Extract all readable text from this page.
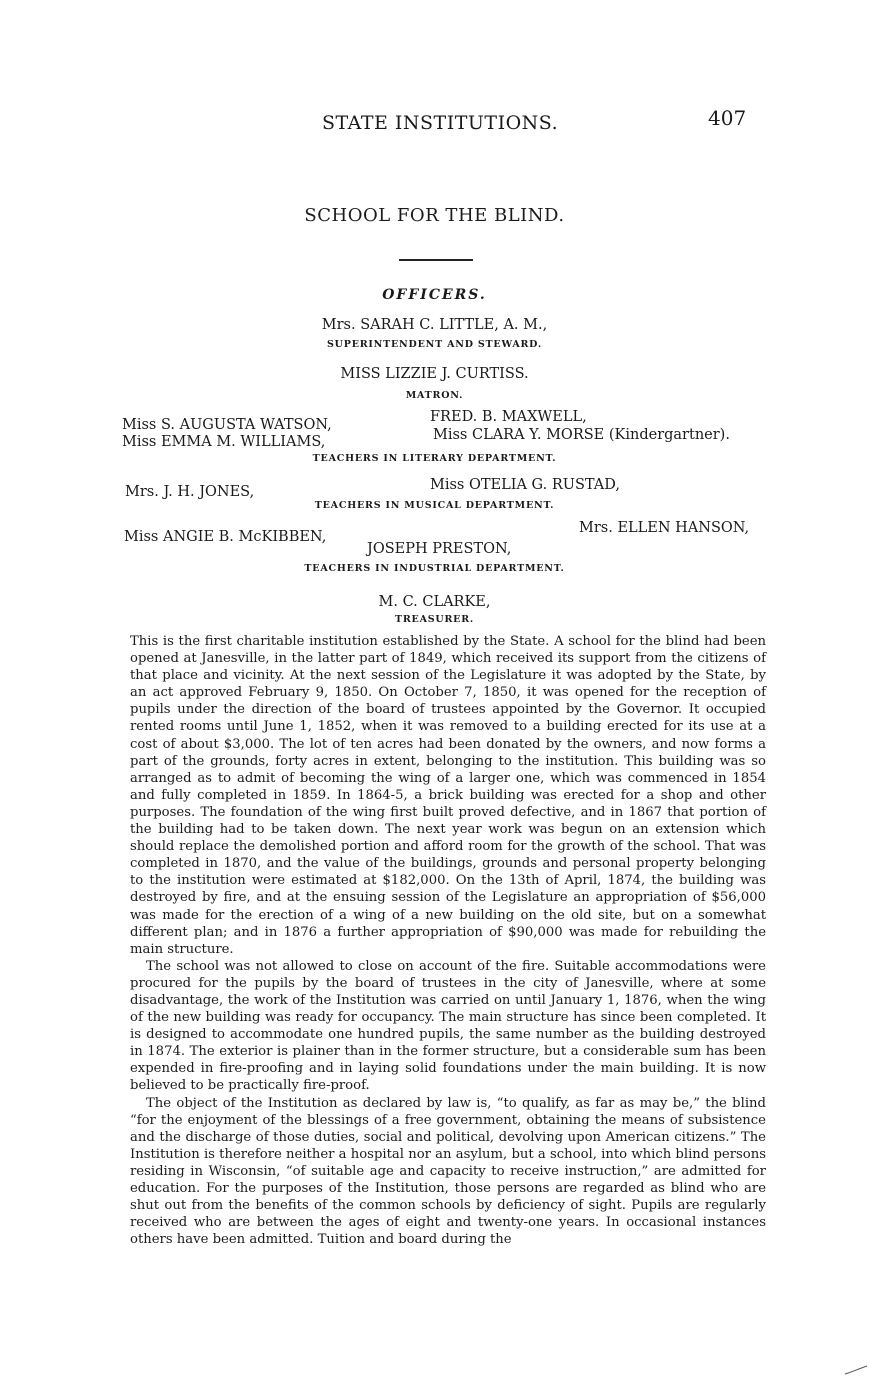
STATE INSTITUTIONS.	407
SCHOOL FOR THE BLIND.
OFFICERS.
Mrs. SARAH C. LITTLE, A. M.,
SUPERINTENDENT AND STEWARD.
MISS LIZZIE J. CURTISS.
MATRON.
Miss S. AUGUSTA WATSON,	FRED. B. MAXWELL,
Miss EMMA M. WILLIAMS,	Miss CLARA Y. MORSE (Kindergartner).
TEACHERS IN LITERARY DEPARTMENT.
Mrs. J. H. JONES,	Miss OTELIA G. RUSTAD,
TEACHERS IN MUSICAL DEPARTMENT.
Miss ANGIE B. McKIBBEN,
Mrs. ELLEN HANSON,
JOSEPH PRESTON,
TEACHERS IN INDUSTRIAL DEPARTMENT.
M. C. CLARKE,
TREASURER.

This is the first charitable institution established by the State. A school for the blind had been opened at Janesville, in the latter part of 1849, which received its support from the citizens of that place and vicinity. At the next session of the Legislature it was adopted by the State, by an act approved February 9, 1850. On October 7, 1850, it was opened for the reception of pupils under the direction of the board of trustees appointed by the Governor. It occupied rented rooms until June 1, 1852, when it was removed to a building erected for its use at a cost of about $3,000. The lot of ten acres had been donated by the owners, and now forms a part of the grounds, forty acres in extent, belonging to the institution. This building was so arranged as to admit of becoming the wing of a larger one, which was commenced in 1854 and fully completed in 1859. In 1864-5, a brick building was erected for a shop and other purposes. The foundation of the wing first built proved defective, and in 1867 that portion of the building had to be taken down. The next year work was begun on an extension which should replace the demolished portion and afford room for the growth of the school. That was completed in 1870, and the value of the buildings, grounds and personal property belonging to the institution were estimated at $182,000. On the 13th of April, 1874, the building was destroyed by fire, and at the ensuing session of the Legislature an appropriation of $56,000 was made for the erection of a wing of a new building on the old site, but on a somewhat different plan; and in 1876 a further appropriation of $90,000 was made for rebuilding the main structure.

The school was not allowed to close on account of the fire. Suitable accommodations were procured for the pupils by the board of trustees in the city of Janesville, where at some disadvantage, the work of the Institution was carried on until January 1, 1876, when the wing of the new building was ready for occupancy. The main structure has since been completed. It is designed to accommodate one hundred pupils, the same number as the building destroyed in 1874. The exterior is plainer than in the former structure, but a considerable sum has been expended in fire-proofing and in laying solid foundations under the main building. It is now believed to be practically fire-proof.

The object of the Institution as declared by law is, “to qualify, as far as may be,” the blind “for the enjoyment of the blessings of a free government, obtaining the means of subsistence and the discharge of those duties, social and political, devolving upon American citizens.” The Institution is therefore neither a hospital nor an asylum, but a school, into which blind persons residing in Wisconsin, “of suitable age and capacity to receive instruction,” are admitted for education. For the purposes of the Institution, those persons are regarded as blind who are shut out from the benefits of the common schools by deficiency of sight. Pupils are regularly received who are between the ages of eight and twenty-one years. In occasional instances others have been admitted. Tuition and board during the
